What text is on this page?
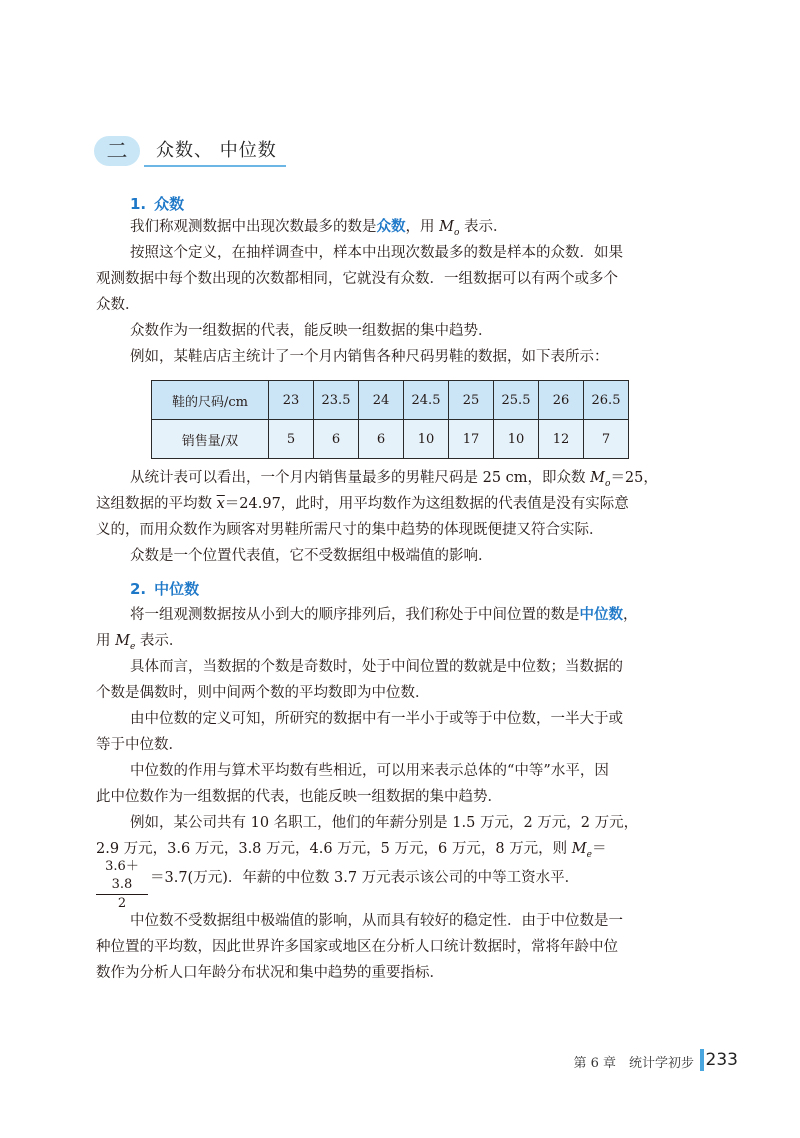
二	众数、 中位数
1. 众数
我们称观测数据中出现次数最多的数是众数，用 $M_o$ 表示．
按照这个定义，在抽样调查中，样本中出现次数最多的数是样本的众数．如果
观测数据中每个数出现的次数都相同，它就没有众数．一组数据可以有两个或多个
众数．
众数作为一组数据的代表，能反映一组数据的集中趋势．
例如，某鞋店店主统计了一个月内销售各种尺码男鞋的数据，如下表所示：
鞋的尺码/cm	23	23.5	24	24.5	25	25.5	26	26.5
销售量/双	5	6	6	10	17	10	12	7
从统计表可以看出，一个月内销售量最多的男鞋尺码是 25 cm，即众数 $M_o=25$，
这组数据的平均数 $\overline{x}=24.97$，此时，用平均数作为这组数据的代表值是没有实际意
义的，而用众数作为顾客对男鞋所需尺寸的集中趋势的体现既便捷又符合实际．
众数是一个位置代表值，它不受数据组中极端值的影响．
2. 中位数
将一组观测数据按从小到大的顺序排列后，我们称处于中间位置的数是中位数，
用 $M_e$ 表示．
具体而言，当数据的个数是奇数时，处于中间位置的数就是中位数；当数据的
个数是偶数时，则中间两个数的平均数即为中位数．
由中位数的定义可知，所研究的数据中有一半小于或等于中位数，一半大于或
等于中位数．
中位数的作用与算术平均数有些相近，可以用来表示总体的“中等”水平，因
此中位数作为一组数据的代表，也能反映一组数据的集中趋势．
例如，某公司共有 10 名职工，他们的年薪分别是 1.5 万元，2 万元，2 万元，
2.9 万元，3.6 万元，3.8 万元，4.6 万元，5 万元，6 万元，8 万元，则 $M_e=$
$\frac{3.6+3.8}{2} =3.7$(万元)．年薪的中位数 3.7 万元表示该公司的中等工资水平．
中位数不受数据组中极端值的影响，从而具有较好的稳定性．由于中位数是一
种位置的平均数，因此世界许多国家或地区在分析人口统计数据时，常将年龄中位
数作为分析人口年龄分布状况和集中趋势的重要指标．
第 6 章　统计学初步 233
